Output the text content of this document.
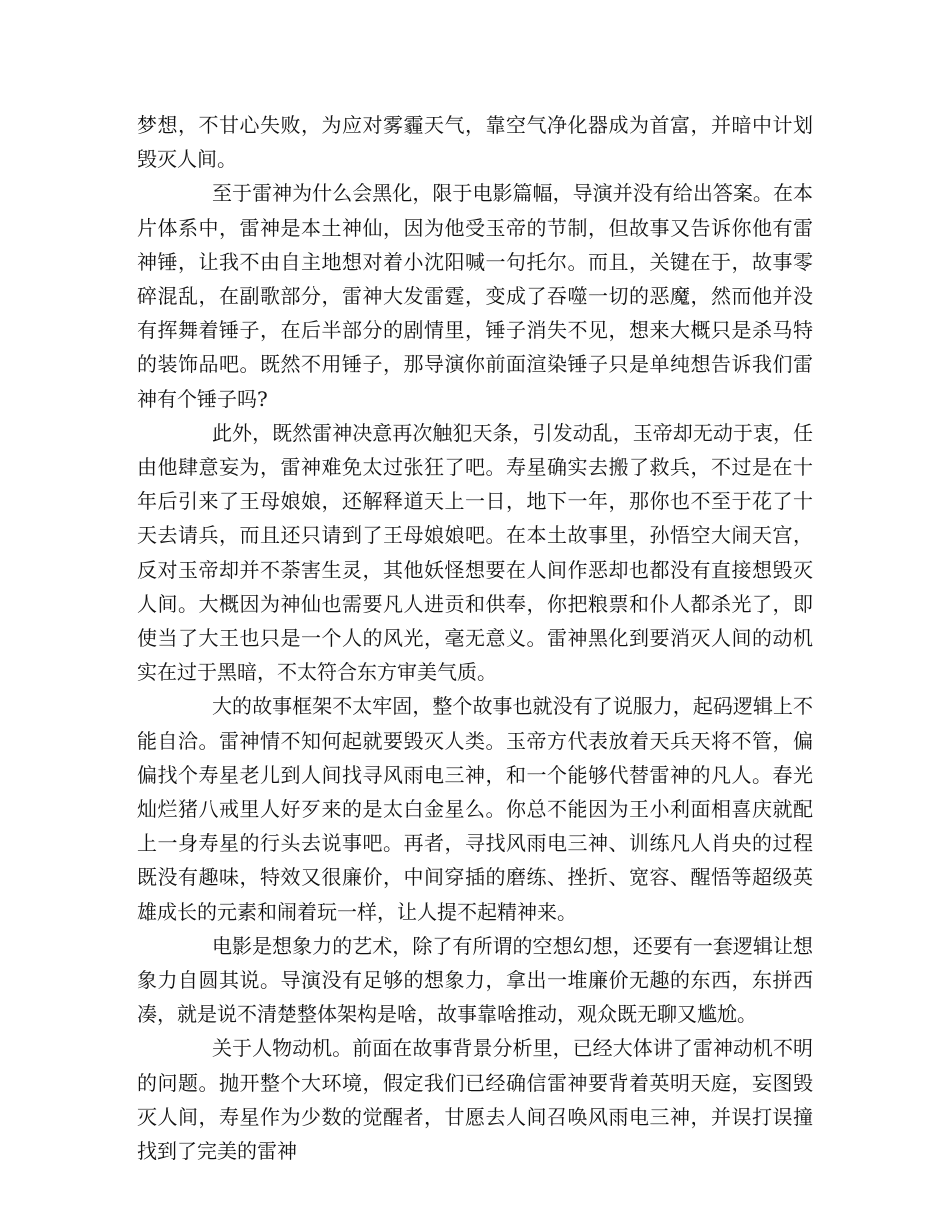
梦想，不甘心失败，为应对雾霾天气，靠空气净化器成为首富，并暗中计划毁灭人间。

至于雷神为什么会黑化，限于电影篇幅，导演并没有给出答案。在本片体系中，雷神是本土神仙，因为他受玉帝的节制，但故事又告诉你他有雷神锤，让我不由自主地想对着小沈阳喊一句托尔。而且，关键在于，故事零碎混乱，在副歌部分，雷神大发雷霆，变成了吞噬一切的恶魔，然而他并没有挥舞着锤子，在后半部分的剧情里，锤子消失不见，想来大概只是杀马特的装饰品吧。既然不用锤子，那导演你前面渲染锤子只是单纯想告诉我们雷神有个锤子吗?

此外，既然雷神决意再次触犯天条，引发动乱，玉帝却无动于衷，任由他肆意妄为，雷神难免太过张狂了吧。寿星确实去搬了救兵，不过是在十年后引来了王母娘娘，还解释道天上一日，地下一年，那你也不至于花了十天去请兵，而且还只请到了王母娘娘吧。在本土故事里，孙悟空大闹天宫，反对玉帝却并不荼害生灵，其他妖怪想要在人间作恶却也都没有直接想毁灭人间。大概因为神仙也需要凡人进贡和供奉，你把粮票和仆人都杀光了，即使当了大王也只是一个人的风光，毫无意义。雷神黑化到要消灭人间的动机实在过于黑暗，不太符合东方审美气质。

大的故事框架不太牢固，整个故事也就没有了说服力，起码逻辑上不能自洽。雷神情不知何起就要毁灭人类。玉帝方代表放着天兵天将不管，偏偏找个寿星老儿到人间找寻风雨电三神，和一个能够代替雷神的凡人。春光灿烂猪八戒里人好歹来的是太白金星么。你总不能因为王小利面相喜庆就配上一身寿星的行头去说事吧。再者，寻找风雨电三神、训练凡人肖央的过程既没有趣味，特效又很廉价，中间穿插的磨练、挫折、宽容、醒悟等超级英雄成长的元素和闹着玩一样，让人提不起精神来。

电影是想象力的艺术，除了有所谓的空想幻想，还要有一套逻辑让想象力自圆其说。导演没有足够的想象力，拿出一堆廉价无趣的东西，东拼西凑，就是说不清楚整体架构是啥，故事靠啥推动，观众既无聊又尴尬。

关于人物动机。前面在故事背景分析里，已经大体讲了雷神动机不明的问题。抛开整个大环境，假定我们已经确信雷神要背着英明天庭，妄图毁灭人间，寿星作为少数的觉醒者，甘愿去人间召唤风雨电三神，并误打误撞找到了完美的雷神
